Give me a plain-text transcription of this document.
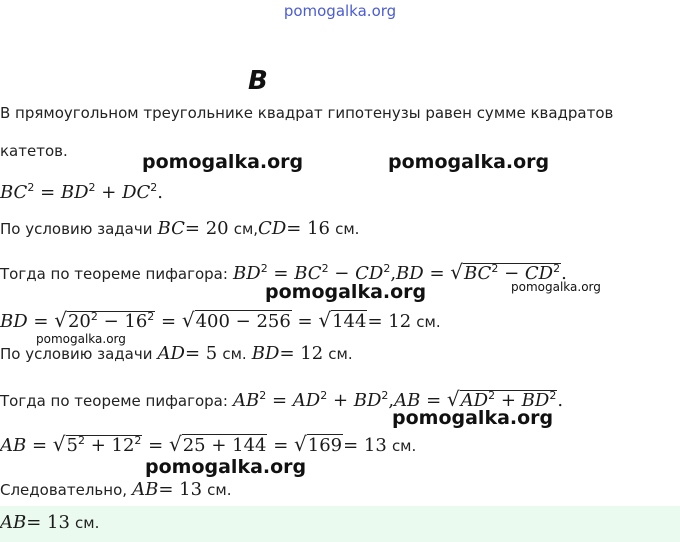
pomogalka.org
B
В прямоугольном треугольнике квадрат гипотенузы равен сумме квадратов
катетов.
$BC^2 = BD^2 + DC^2$.
По условию задачи BC= 20 см,CD= 16 см.
Тогда по теореме пифагора: $BD^2 = BC^2 - CD^2,BD = √BC^2 - CD^2$.
BD = $√20^2 - 16^2 = √400 - 256 = √144= 12$ см.
По условию задачи AD= 5 см. BD= 12 см.
Тогда по теореме пифагора: $AB^2 = AD^2 + BD^2,AB = √AD^2 + BD^2$.
AB = $√5^2 + 12^2 = √25 + 144 = √169= 13$ см.
Следовательно, AB= 13 см.
AB= 13 см.
pomogalka.org	pomogalka.org
pomogalka.org	pomogalka.org
pomogalka.org
pomogalka.org
pomogalka.org
